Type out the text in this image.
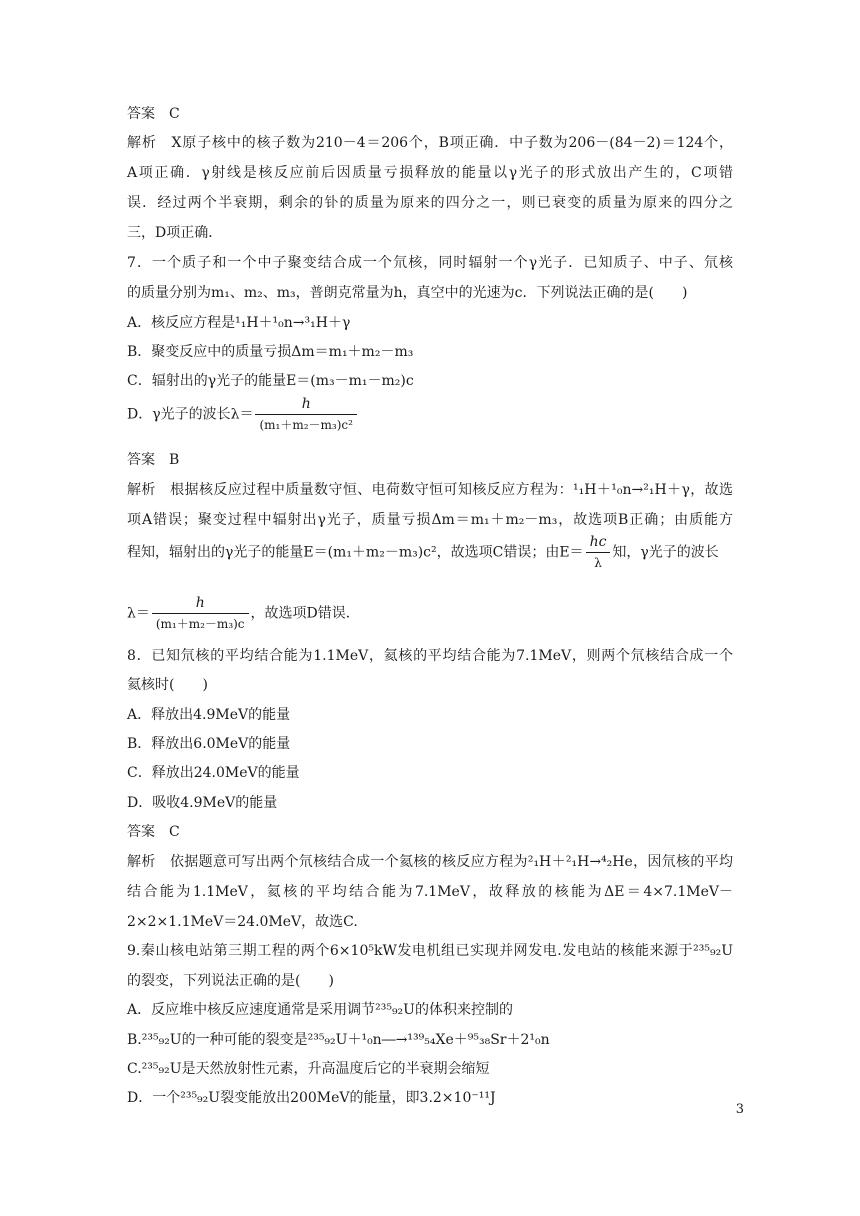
答案　C
解析　X原子核中的核子数为210－4＝206个，B项正确．中子数为206－(84－2)＝124个，
A项正确．γ射线是核反应前后因质量亏损释放的能量以γ光子的形式放出产生的，C项错
误．经过两个半衰期，剩余的钋的质量为原来的四分之一，则已衰变的质量为原来的四分之
三，D项正确．
7．一个质子和一个中子聚变结合成一个氘核，同时辐射一个γ光子．已知质子、中子、氘核
的质量分别为m₁、m₂、m₃，普朗克常量为h，真空中的光速为c．下列说法正确的是(　　)
A．核反应方程是¹₁H＋¹₀n→³₁H＋γ
B．聚变反应中的质量亏损Δm＝m₁＋m₂－m₃
C．辐射出的γ光子的能量E＝(m₃－m₁－m₂)c
D．γ光子的波长$\lambda= \frac{h}{\text{(m₁＋m₂－m₃)c²}}$
答案　B
解析　根据核反应过程中质量数守恒、电荷数守恒可知核反应方程为：¹₁H＋¹₀n→²₁H＋γ，故选
项A错误；聚变过程中辐射出γ光子，质量亏损Δm＝m₁＋m₂－m₃，故选项B正确；由质能方
程知，辐射出的γ光子的能量E＝(m₁＋m₂－m₃)c²，故选项C错误；由$E= \frac{hc}{\lambda}$ 知，γ光子的波长
$\lambda= \frac{h}{\text{(m₁＋m₂－m₃)c}}$ ，故选项D错误．
8．已知氘核的平均结合能为1.1MeV，氦核的平均结合能为7.1MeV，则两个氘核结合成一个
氦核时(　　)
A．释放出4.9MeV的能量
B．释放出6.0MeV的能量
C．释放出24.0MeV的能量
D．吸收4.9MeV的能量
答案　C
解析　依据题意可写出两个氘核结合成一个氦核的核反应方程为²₁H＋²₁H→⁴₂He，因氘核的平均
结合能为1.1MeV，氦核的平均结合能为7.1MeV，故释放的核能为ΔE＝4×7.1MeV－
2×2×1.1MeV＝24.0MeV，故选C.
9.秦山核电站第三期工程的两个6×10⁵kW发电机组已实现并网发电.发电站的核能来源于²³⁵₉₂U
的裂变，下列说法正确的是(　　)
A．反应堆中核反应速度通常是采用调节²³⁵₉₂U的体积来控制的
B.²³⁵₉₂U的一种可能的裂变是²³⁵₉₂U＋¹₀n―→¹³⁹₅₄Xe＋⁹⁵₃₈Sr＋2¹₀n
C.²³⁵₉₂U是天然放射性元素，升高温度后它的半衰期会缩短
D．一个²³⁵₉₂U裂变能放出200MeV的能量，即3.2×10⁻¹¹J
3
